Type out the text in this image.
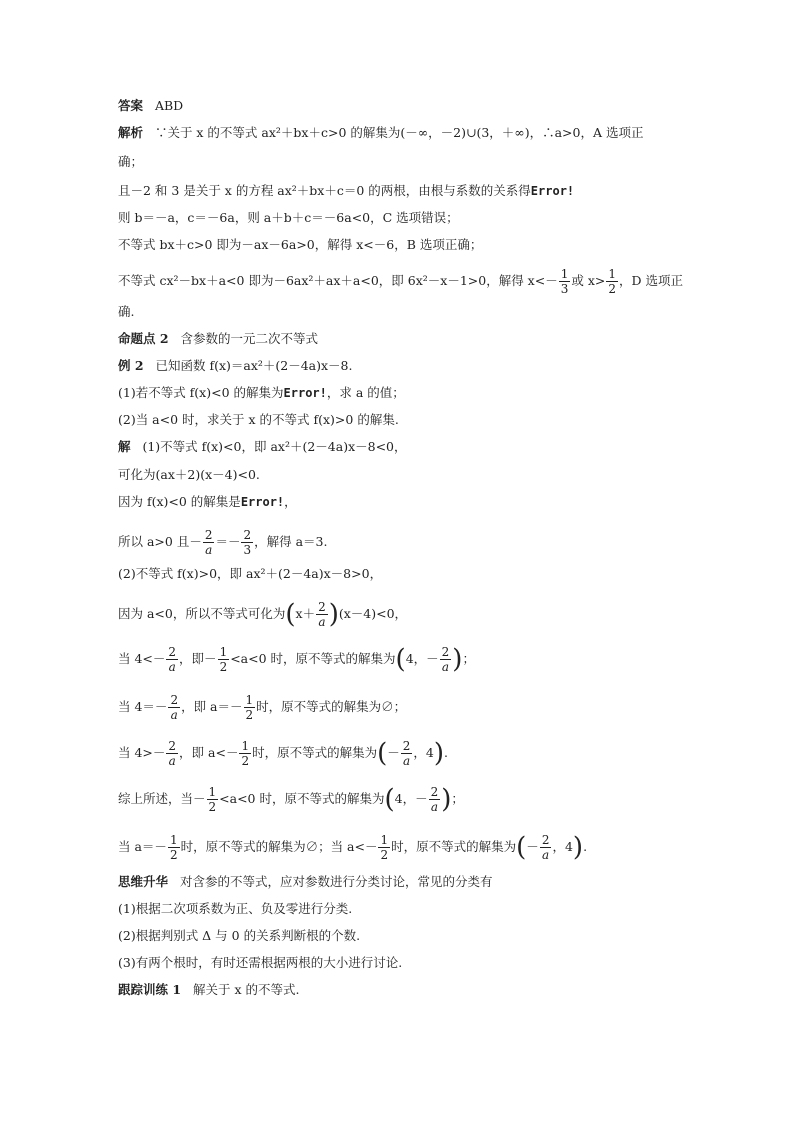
答案 ABD
解析 ∵关于 x 的不等式 ax²＋bx＋c>0 的解集为(－∞，－2)∪(3，＋∞)，∴a>0，A 选项正
确；
且－2 和 3 是关于 x 的方程 ax²＋bx＋c＝0 的两根，由根与系数的关系得Error!
则 b＝－a，c＝－6a，则 a＋b＋c＝－6a<0，C 选项错误；
不等式 bx＋c>0 即为－ax－6a>0，解得 x<－6，B 选项正确；
不等式 cx²－bx＋a<0 即为－6ax²＋ax＋a<0，即 6x²－x－1>0，解得 $x<- \frac{1}{3}$ 或 $x> \frac{1}{2}$ ，D 选项正
确.
命题点 2 含参数的一元二次不等式
例 2 已知函数 f(x)＝ax²＋(2－4a)x－8.
(1)若不等式 f(x)<0 的解集为Error!，求 a 的值；
(2)当 a<0 时，求关于 x 的不等式 f(x)>0 的解集.
解 (1)不等式 f(x)<0，即 ax²＋(2－4a)x－8<0，
可化为(ax＋2)(x－4)<0.
因为 f(x)<0 的解集是Error!，
所以 a>0 且－ $\frac{2}{a} =- \frac{2}{3}$ ，解得 a＝3.
(2)不等式 f(x)>0，即 ax²＋(2－4a)x－8>0，
因为 a<0，所以不等式可化为$(x+ \frac{2}{a} )(x-4)<0$，
当 $4<- \frac{2}{a}$ ，即－ $\frac{1}{2} <a<0$ 时，原不等式的解集为(4，－ $\frac{2}{a}$ )；
当 $4=- \frac{2}{a}$ ，即 $a=- \frac{1}{2}$ 时，原不等式的解集为∅；
当 $4>- \frac{2}{a}$ ，即 $a<- \frac{1}{2}$ 时，原不等式的解集为(－ $\frac{2}{a}$ ，4).
综上所述，当－ $\frac{1}{2} <a<0$ 时，原不等式的解集为(4，－ $\frac{2}{a}$ )；
当 $a=- \frac{1}{2}$ 时，原不等式的解集为∅；当 $a<- \frac{1}{2}$ 时，原不等式的解集为(－ $\frac{2}{a}$ ，4).
思维升华 对含参的不等式，应对参数进行分类讨论，常见的分类有
(1)根据二次项系数为正、负及零进行分类.
(2)根据判别式 Δ 与 0 的关系判断根的个数.
(3)有两个根时，有时还需根据两根的大小进行讨论.
跟踪训练 1 解关于 x 的不等式.
